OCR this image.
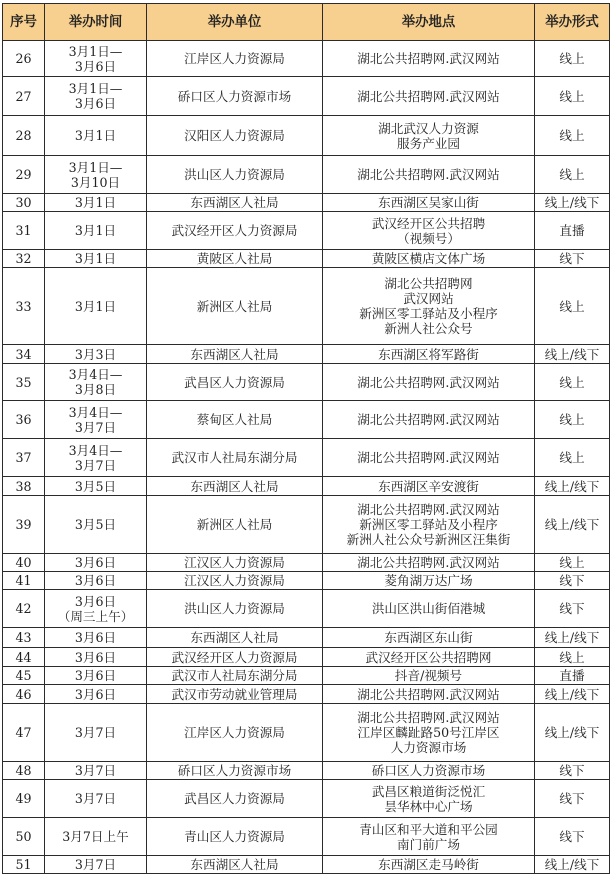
序号	举办时间	举办单位	举办地点	举办形式
26	3月1日—
3月6日	江岸区人力资源局	湖北公共招聘网.武汉网站	线上

27	3月1日—
3月6日	硚口区人力资源市场	湖北公共招聘网.武汉网站	线上

28	3月1日	汉阳区人力资源局	湖北武汉人力资源
服务产业园	线上

29	3月1日—
3月10日	洪山区人力资源局	湖北公共招聘网.武汉网站	线上

30	3月1日	东西湖区人社局	东西湖区吴家山街	线上/线下

31	3月1日	武汉经开区人力资源局	武汉经开区公共招聘
（视频号）	直播

32	3月1日	黄陂区人社局	黄陂区横店文体广场	线下

33	3月1日	新洲区人社局	湖北公共招聘网
武汉网站
新洲区零工驿站及小程序
新洲人社公众号	线上

34	3月3日	东西湖区人社局	东西湖区将军路街	线上/线下

35	3月4日—
3月8日	武昌区人力资源局	湖北公共招聘网.武汉网站	线上

36	3月4日—
3月7日	蔡甸区人社局	湖北公共招聘网.武汉网站	线上

37	3月4日—
3月7日	武汉市人社局东湖分局	湖北公共招聘网.武汉网站	线上

38	3月5日	东西湖区人社局	东西湖区辛安渡街	线上/线下

39	3月5日	新洲区人社局	湖北公共招聘网.武汉网站
新洲区零工驿站及小程序
新洲人社公众号新洲区汪集街	线上/线下

40	3月6日	江汉区人力资源局	湖北公共招聘网.武汉网站	线上

41	3月6日	江汉区人力资源局	菱角湖万达广场	线下

42	3月6日
（周三上午）	洪山区人力资源局	洪山区洪山街佰港城	线下

43	3月6日	东西湖区人社局	东西湖区东山街	线上/线下

44	3月6日	武汉经开区人力资源局	武汉经开区公共招聘网	线上

45	3月6日	武汉市人社局东湖分局	抖音/视频号	直播

46	3月6日	武汉市劳动就业管理局	湖北公共招聘网.武汉网站	线上/线下

47	3月7日	江岸区人力资源局	湖北公共招聘网.武汉网站
江岸区麟趾路50号江岸区
人力资源市场	线上/线下

48	3月7日	硚口区人力资源市场	硚口区人力资源市场	线下

49	3月7日	武昌区人力资源局	武昌区粮道街泛悦汇
昙华林中心广场	线下

50	3月7日上午	青山区人力资源局	青山区和平大道和平公园
南门前广场	线下

51	3月7日	东西湖区人社局	东西湖区走马岭街	线上/线下
